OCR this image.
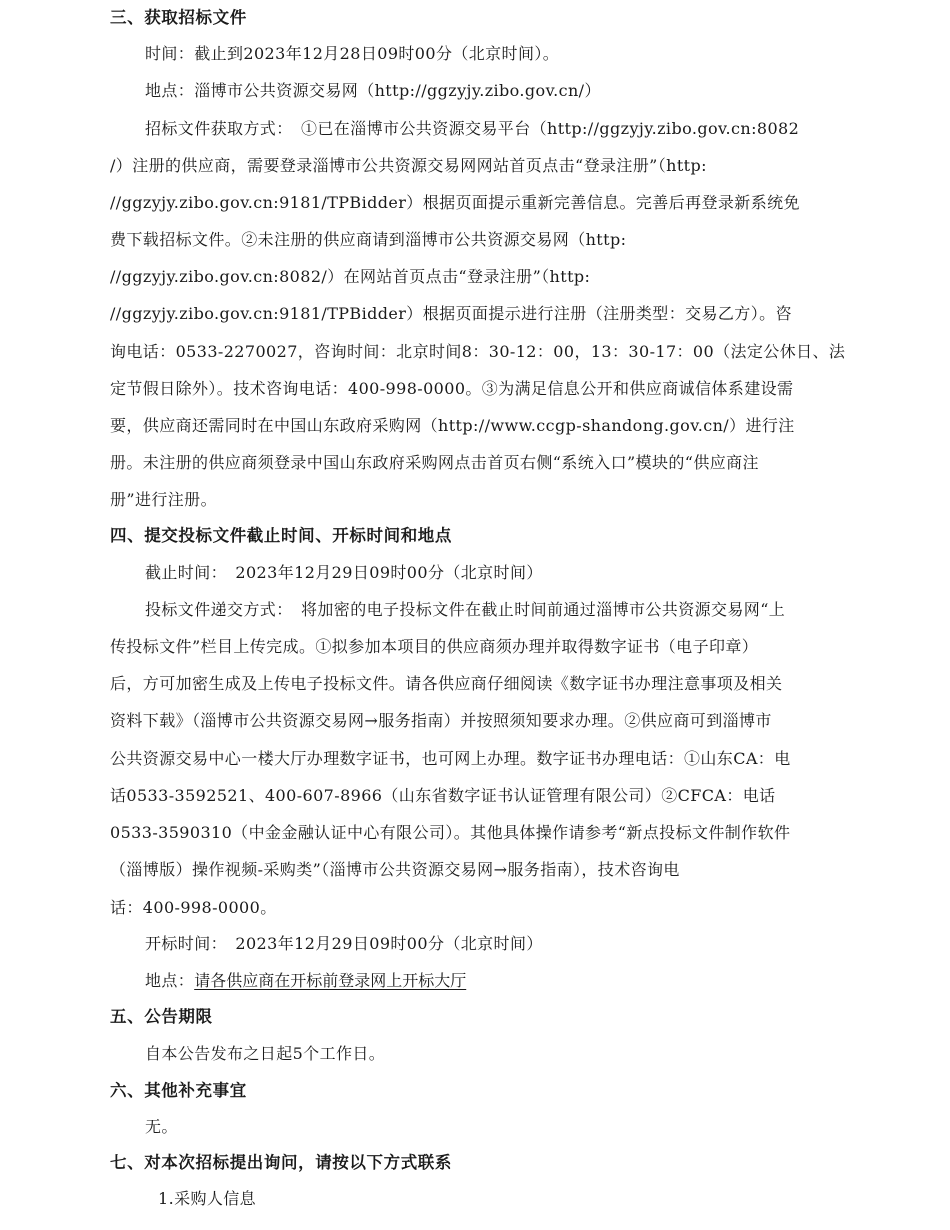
三、获取招标文件
时间：截止到2023年12月28日09时00分（北京时间）。
地点：淄博市公共资源交易网（http://ggzyjy.zibo.gov.cn/）
招标文件获取方式：　①已在淄博市公共资源交易平台（http://ggzyjy.zibo.gov.cn:8082
/）注册的供应商，需要登录淄博市公共资源交易网网站首页点击“登录注册”（http:
//ggzyjy.zibo.gov.cn:9181/TPBidder）根据页面提示重新完善信息。完善后再登录新系统免
费下载招标文件。②未注册的供应商请到淄博市公共资源交易网（http:
//ggzyjy.zibo.gov.cn:8082/）在网站首页点击“登录注册”（http:
//ggzyjy.zibo.gov.cn:9181/TPBidder）根据页面提示进行注册（注册类型：交易乙方）。咨
询电话：0533-2270027，咨询时间：北京时间8：30-12：00，13：30-17：00（法定公休日、法
定节假日除外）。技术咨询电话：400-998-0000。③为满足信息公开和供应商诚信体系建设需
要，供应商还需同时在中国山东政府采购网（http://www.ccgp-shandong.gov.cn/）进行注
册。未注册的供应商须登录中国山东政府采购网点击首页右侧“系统入口”模块的“供应商注
册”进行注册。
四、提交投标文件截止时间、开标时间和地点
截止时间：　2023年12月29日09时00分（北京时间）
投标文件递交方式：　将加密的电子投标文件在截止时间前通过淄博市公共资源交易网“上
传投标文件”栏目上传完成。①拟参加本项目的供应商须办理并取得数字证书（电子印章）
后，方可加密生成及上传电子投标文件。请各供应商仔细阅读《数字证书办理注意事项及相关
资料下载》（淄博市公共资源交易网→服务指南）并按照须知要求办理。②供应商可到淄博市
公共资源交易中心一楼大厅办理数字证书，也可网上办理。数字证书办理电话：①山东CA：电
话0533-3592521、400-607-8966（山东省数字证书认证管理有限公司）②CFCA：电话
0533-3590310（中金金融认证中心有限公司）。其他具体操作请参考“新点投标文件制作软件
（淄博版）操作视频-采购类”（淄博市公共资源交易网→服务指南），技术咨询电
话：400-998-0000。
开标时间：　2023年12月29日09时00分（北京时间）
地点：请各供应商在开标前登录网上开标大厅
五、公告期限
自本公告发布之日起5个工作日。
六、其他补充事宜
无。
七、对本次招标提出询问，请按以下方式联系
1.采购人信息
